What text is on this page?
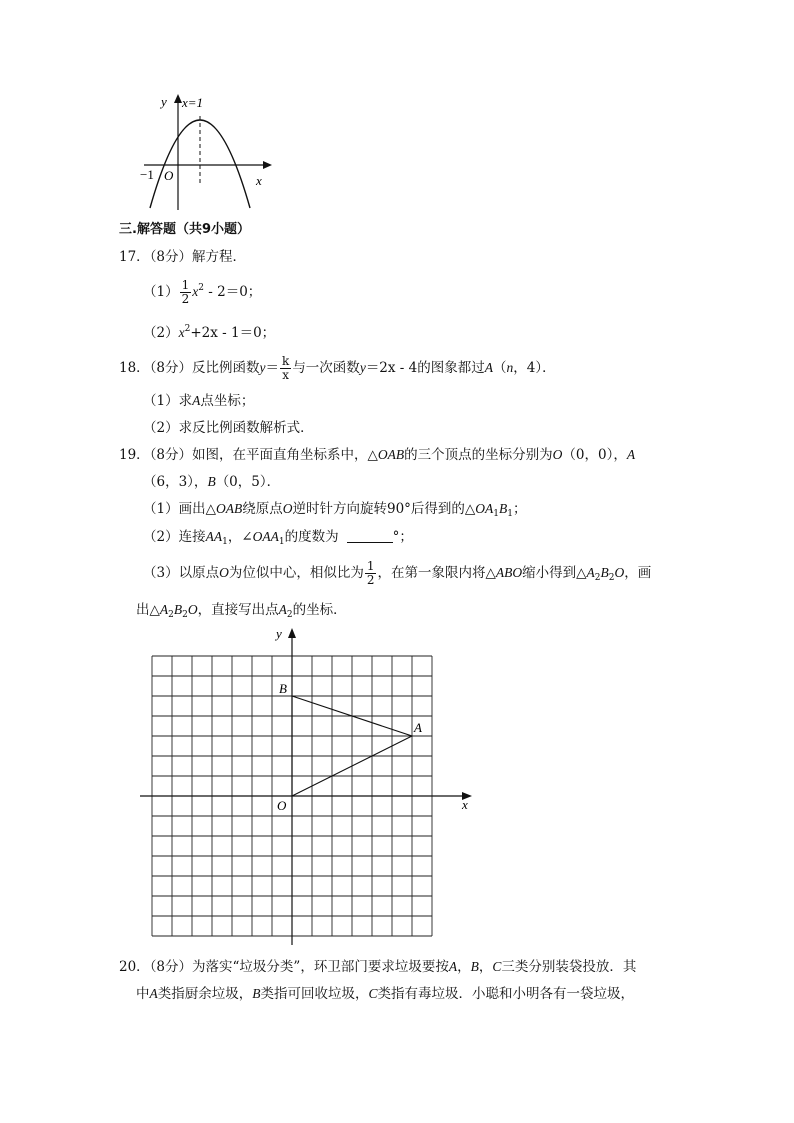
y x=1
−1 O	x
三.解答题（共9小题）
17．（8分）解方程．
$(1) \frac{1}{2} x^2 - 2=0$；
$(2)x^2+2x - 1=0$；
18．（8分）反比例函数$y= \frac{k}{x}$ 与一次函数y＝2x - 4的图象都过A（n，4）．
（1）求A点坐标；
（2）求反比例函数解析式．
19．（8分）如图，在平面直角坐标系中，△OAB的三个顶点的坐标分别为O（0，0），A
（6，3），B（0，5）．
（1）画出△OAB绕原点O逆时针方向旋转90°后得到的$\triangle OA_1B_1$；
（2）连接$AA_1$，$\angle OAA_1$的度数为	°；
（3）以原点O为位似中心，相似比为 $\frac{1}{2}$ ，在第一象限内将△ABO缩小得到$\triangle A_2B_2O$，画
出$\triangle A_2B_2O$，直接写出点$A_2$的坐标．
y
x
O
A
B
20．（8分）为落实“垃圾分类”，环卫部门要求垃圾要按A，B，C三类分别装袋投放．其
中A类指厨余垃圾，B类指可回收垃圾，C类指有毒垃圾．小聪和小明各有一袋垃圾，
